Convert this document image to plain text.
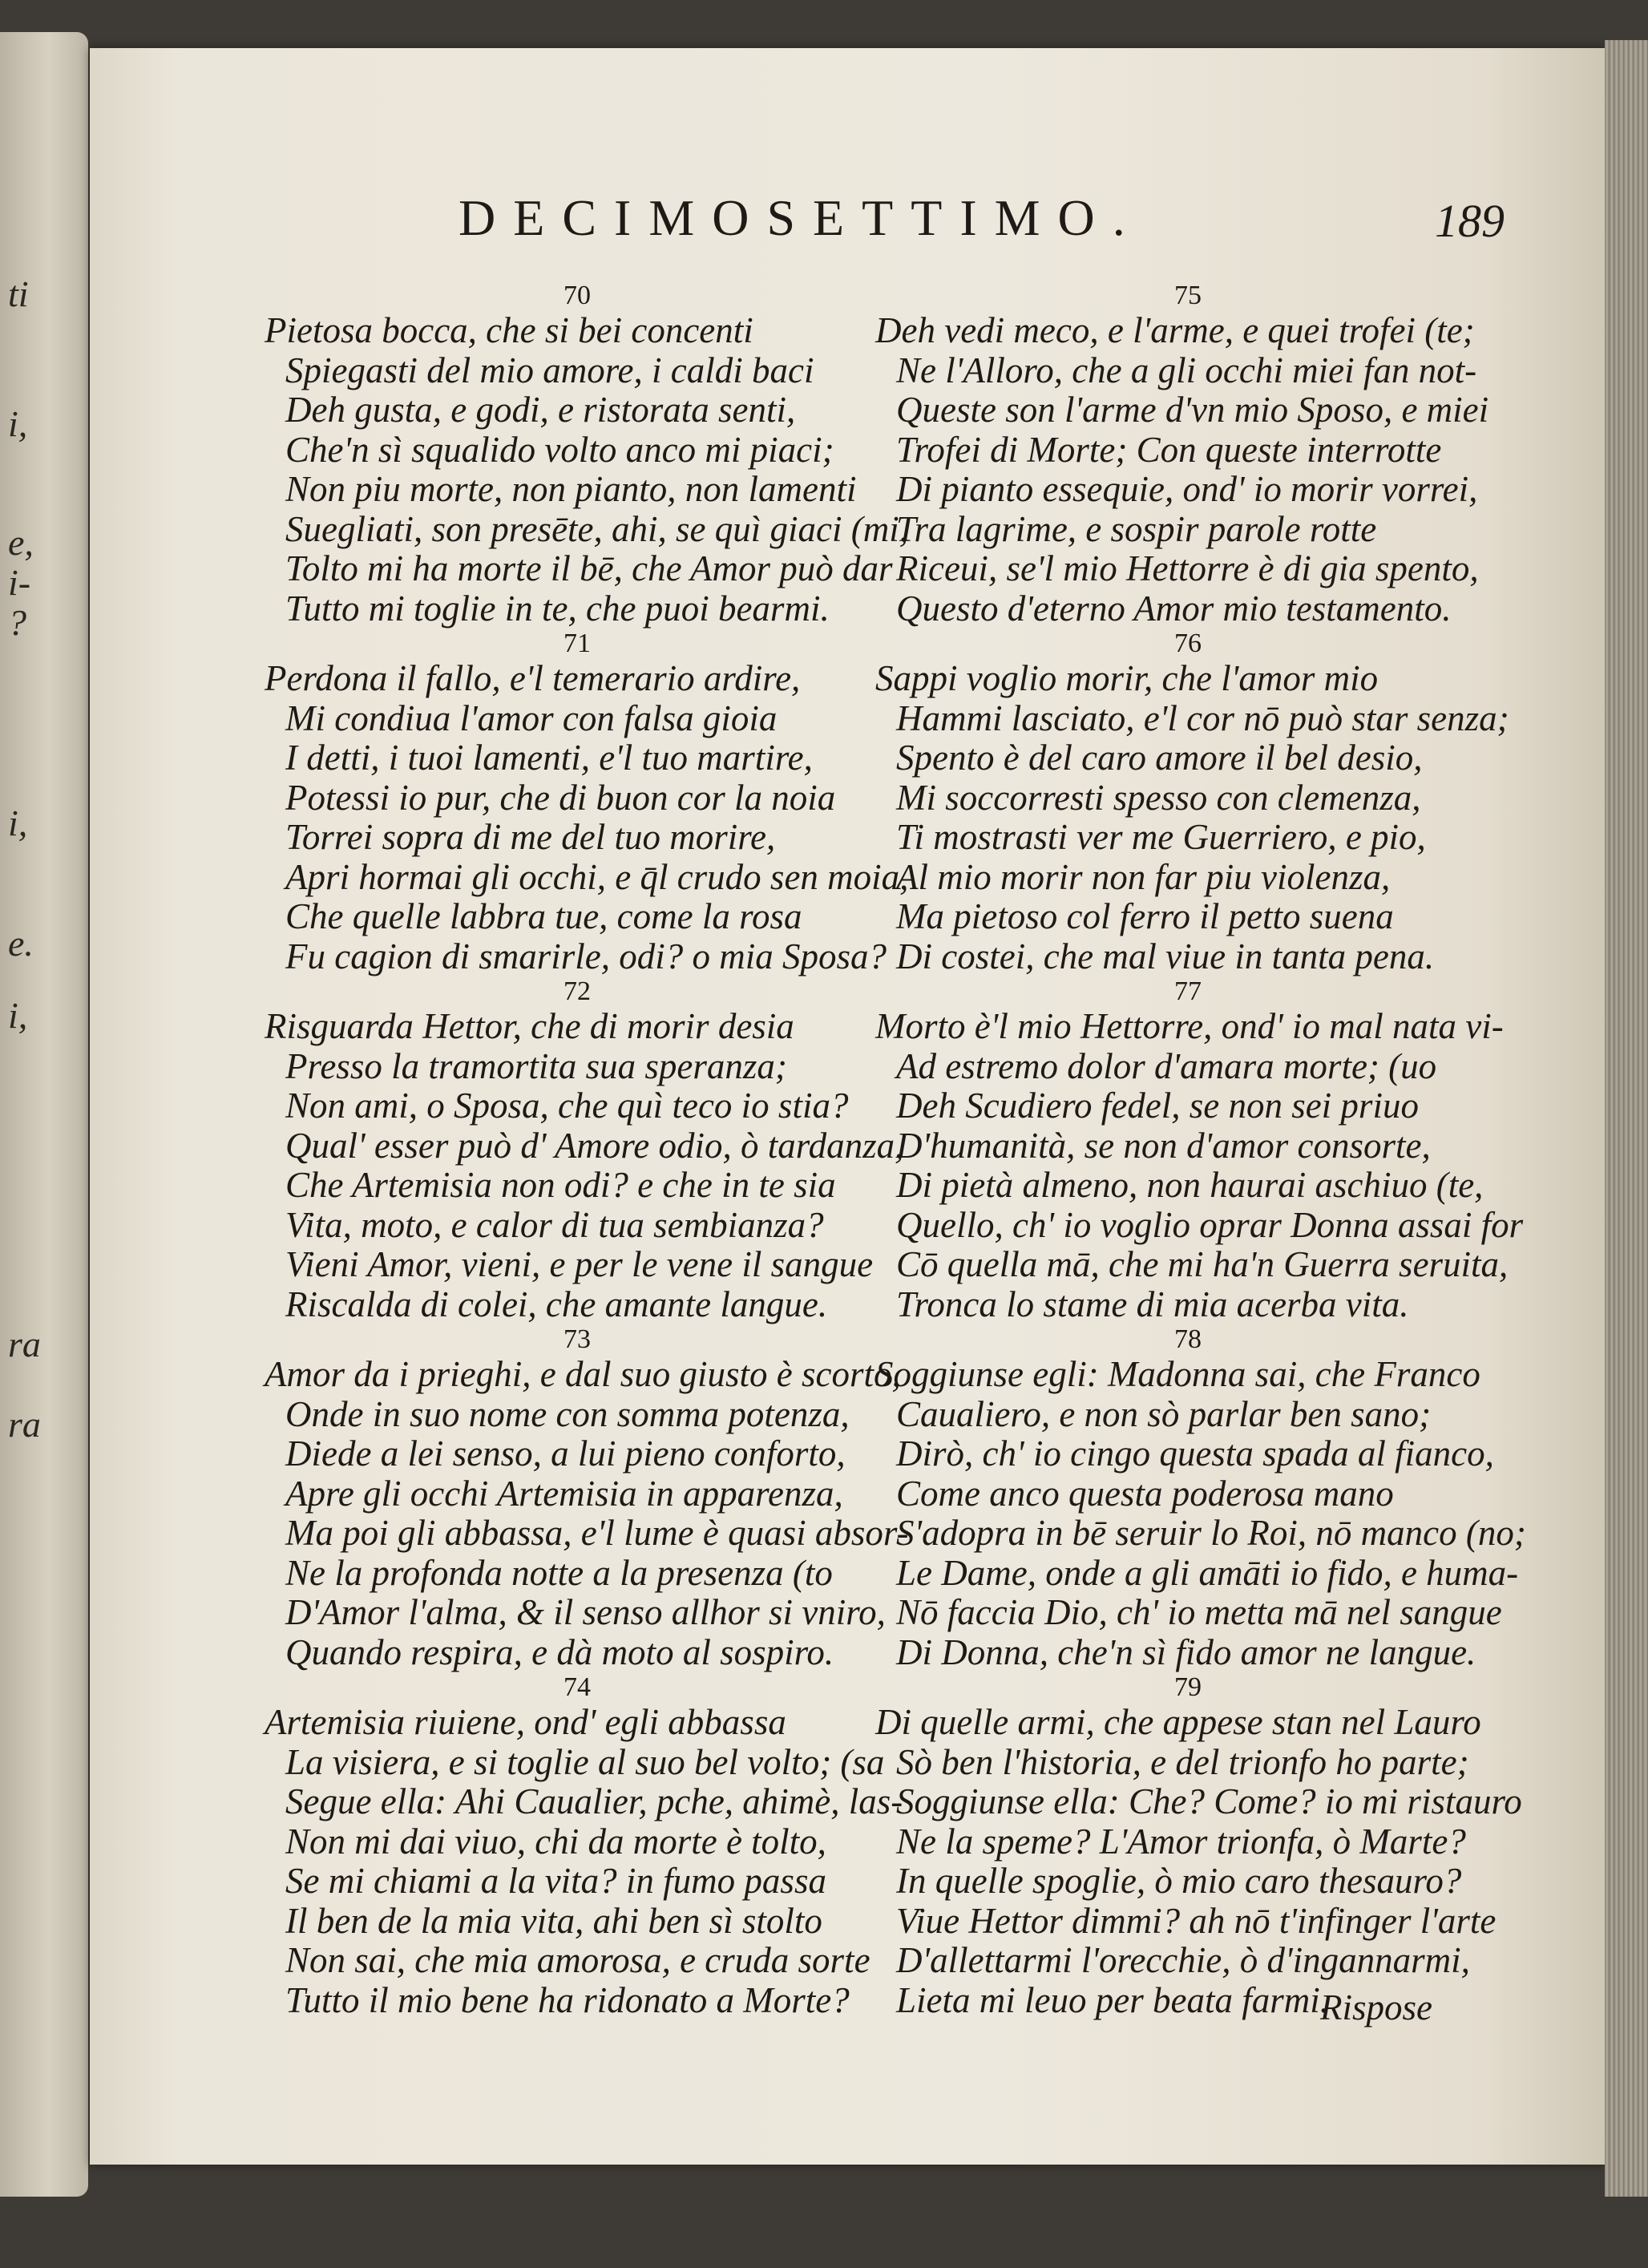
ti
i,
e,
i-
?
i,
e.
i,
ra
ra
DECIMOSETTIMO.	189
70
Pietosa bocca, che si bei concenti
Spiegasti del mio amore, i caldi baci
Deh gusta, e godi, e ristorata senti,
Che'n sì squalido volto anco mi piaci;
Non piu morte, non pianto, non lamenti
Suegliati, son presēte, ahi, se quì giaci (mi,
Tolto mi ha morte il bē, che Amor può dar
Tutto mi toglie in te, che puoi bearmi.
71
Perdona il fallo, e'l temerario ardire,
Mi condiua l'amor con falsa gioia
I detti, i tuoi lamenti, e'l tuo martire,
Potessi io pur, che di buon cor la noia
Torrei sopra di me del tuo morire,
Apri hormai gli occhi, e q̄l crudo sen moia,
Che quelle labbra tue, come la rosa
Fu cagion di smarirle, odi? o mia Sposa?
72
Risguarda Hettor, che di morir desia
Presso la tramortita sua speranza;
Non ami, o Sposa, che quì teco io stia?
Qual' esser può d' Amore odio, ò tardanza,
Che Artemisia non odi? e che in te sia
Vita, moto, e calor di tua sembianza?
Vieni Amor, vieni, e per le vene il sangue
Riscalda di colei, che amante langue.
73
Amor da i prieghi, e dal suo giusto è scorto,
Onde in suo nome con somma potenza,
Diede a lei senso, a lui pieno conforto,
Apre gli occhi Artemisia in apparenza,
Ma poi gli abbassa, e'l lume è quasi absor-
Ne la profonda notte a la presenza (to
D'Amor l'alma, & il senso allhor si vniro,
Quando respira, e dà moto al sospiro.
74
Artemisia riuiene, ond' egli abbassa
La visiera, e si toglie al suo bel volto; (sa
Segue ella: Ahi Caualier, pche, ahimè, las-
Non mi dai viuo, chi da morte è tolto,
Se mi chiami a la vita? in fumo passa
Il ben de la mia vita, ahi ben sì stolto
Non sai, che mia amorosa, e cruda sorte
Tutto il mio bene ha ridonato a Morte?
75
Deh vedi meco, e l'arme, e quei trofei (te;
Ne l'Alloro, che a gli occhi miei fan not-
Queste son l'arme d'vn mio Sposo, e miei
Trofei di Morte; Con queste interrotte
Di pianto essequie, ond' io morir vorrei,
Tra lagrime, e sospir parole rotte
Riceui, se'l mio Hettorre è di gia spento,
Questo d'eterno Amor mio testamento.
76
Sappi voglio morir, che l'amor mio
Hammi lasciato, e'l cor nō può star senza;
Spento è del caro amore il bel desio,
Mi soccorresti spesso con clemenza,
Ti mostrasti ver me Guerriero, e pio,
Al mio morir non far piu violenza,
Ma pietoso col ferro il petto suena
Di costei, che mal viue in tanta pena.
77
Morto è'l mio Hettorre, ond' io mal nata vi-
Ad estremo dolor d'amara morte; (uo
Deh Scudiero fedel, se non sei priuo
D'humanità, se non d'amor consorte,
Di pietà almeno, non haurai aschiuo (te,
Quello, ch' io voglio oprar Donna assai for
Cō quella mā, che mi ha'n Guerra seruita,
Tronca lo stame di mia acerba vita.
78
Soggiunse egli: Madonna sai, che Franco
Caualiero, e non sò parlar ben sano;
Dirò, ch' io cingo questa spada al fianco,
Come anco questa poderosa mano
S'adopra in bē seruir lo Roi, nō manco (no;
Le Dame, onde a gli amāti io fido, e huma-
Nō faccia Dio, ch' io metta mā nel sangue
Di Donna, che'n sì fido amor ne langue.
79
Di quelle armi, che appese stan nel Lauro
Sò ben l'historia, e del trionfo ho parte;
Soggiunse ella: Che? Come? io mi ristauro
Ne la speme? L'Amor trionfa, ò Marte?
In quelle spoglie, ò mio caro thesauro?
Viue Hettor dimmi? ah nō t'infinger l'arte
D'allettarmi l'orecchie, ò d'ingannarmi,
Lieta mi leuo per beata farmi.
Rispose
